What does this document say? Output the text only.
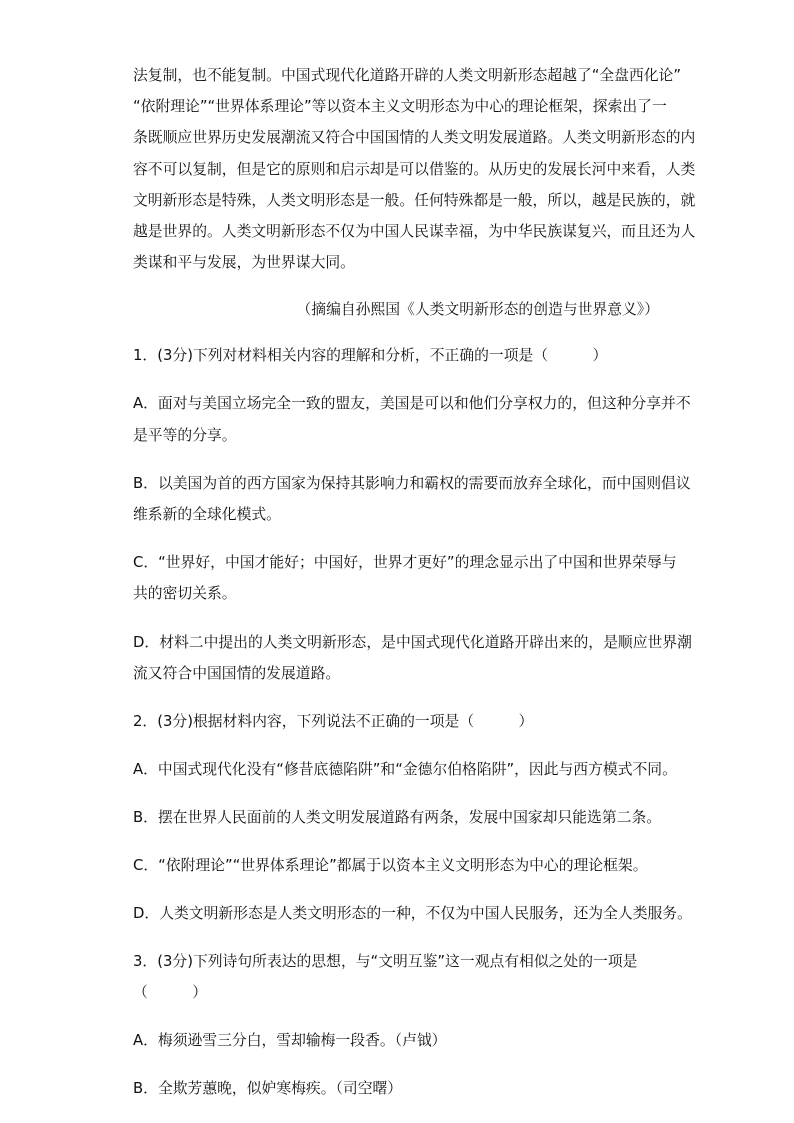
法复制，也不能复制。中国式现代化道路开辟的人类文明新形态超越了“全盘西化论”
“依附理论”“世界体系理论”等以资本主义文明形态为中心的理论框架，探索出了一
条既顺应世界历史发展潮流又符合中国国情的人类文明发展道路。人类文明新形态的内
容不可以复制，但是它的原则和启示却是可以借鉴的。从历史的发展长河中来看，人类
文明新形态是特殊，人类文明形态是一般。任何特殊都是一般，所以，越是民族的，就
越是世界的。人类文明新形态不仅为中国人民谋幸福，为中华民族谋复兴，而且还为人
类谋和平与发展，为世界谋大同。
（摘编自孙熙国《人类文明新形态的创造与世界意义》）
1．(3分)下列对材料相关内容的理解和分析，不正确的一项是（　　　）
A．面对与美国立场完全一致的盟友，美国是可以和他们分享权力的，但这种分享并不
是平等的分享。
B．以美国为首的西方国家为保持其影响力和霸权的需要而放弃全球化，而中国则倡议
维系新的全球化模式。
C．“世界好，中国才能好；中国好，世界才更好”的理念显示出了中国和世界荣辱与
共的密切关系。
D．材料二中提出的人类文明新形态，是中国式现代化道路开辟出来的，是顺应世界潮
流又符合中国国情的发展道路。
2．(3分)根据材料内容，下列说法不正确的一项是（　　　）
A．中国式现代化没有“修昔底德陷阱”和“金德尔伯格陷阱”，因此与西方模式不同。
B．摆在世界人民面前的人类文明发展道路有两条，发展中国家却只能选第二条。
C．“依附理论”“世界体系理论”都属于以资本主义文明形态为中心的理论框架。
D．人类文明新形态是人类文明形态的一种，不仅为中国人民服务，还为全人类服务。
3．(3分)下列诗句所表达的思想，与“文明互鉴”这一观点有相似之处的一项是
（　　　）
A．梅须逊雪三分白，雪却输梅一段香。（卢钺）
B．全欺芳蕙晚，似妒寒梅疾。（司空曙）
